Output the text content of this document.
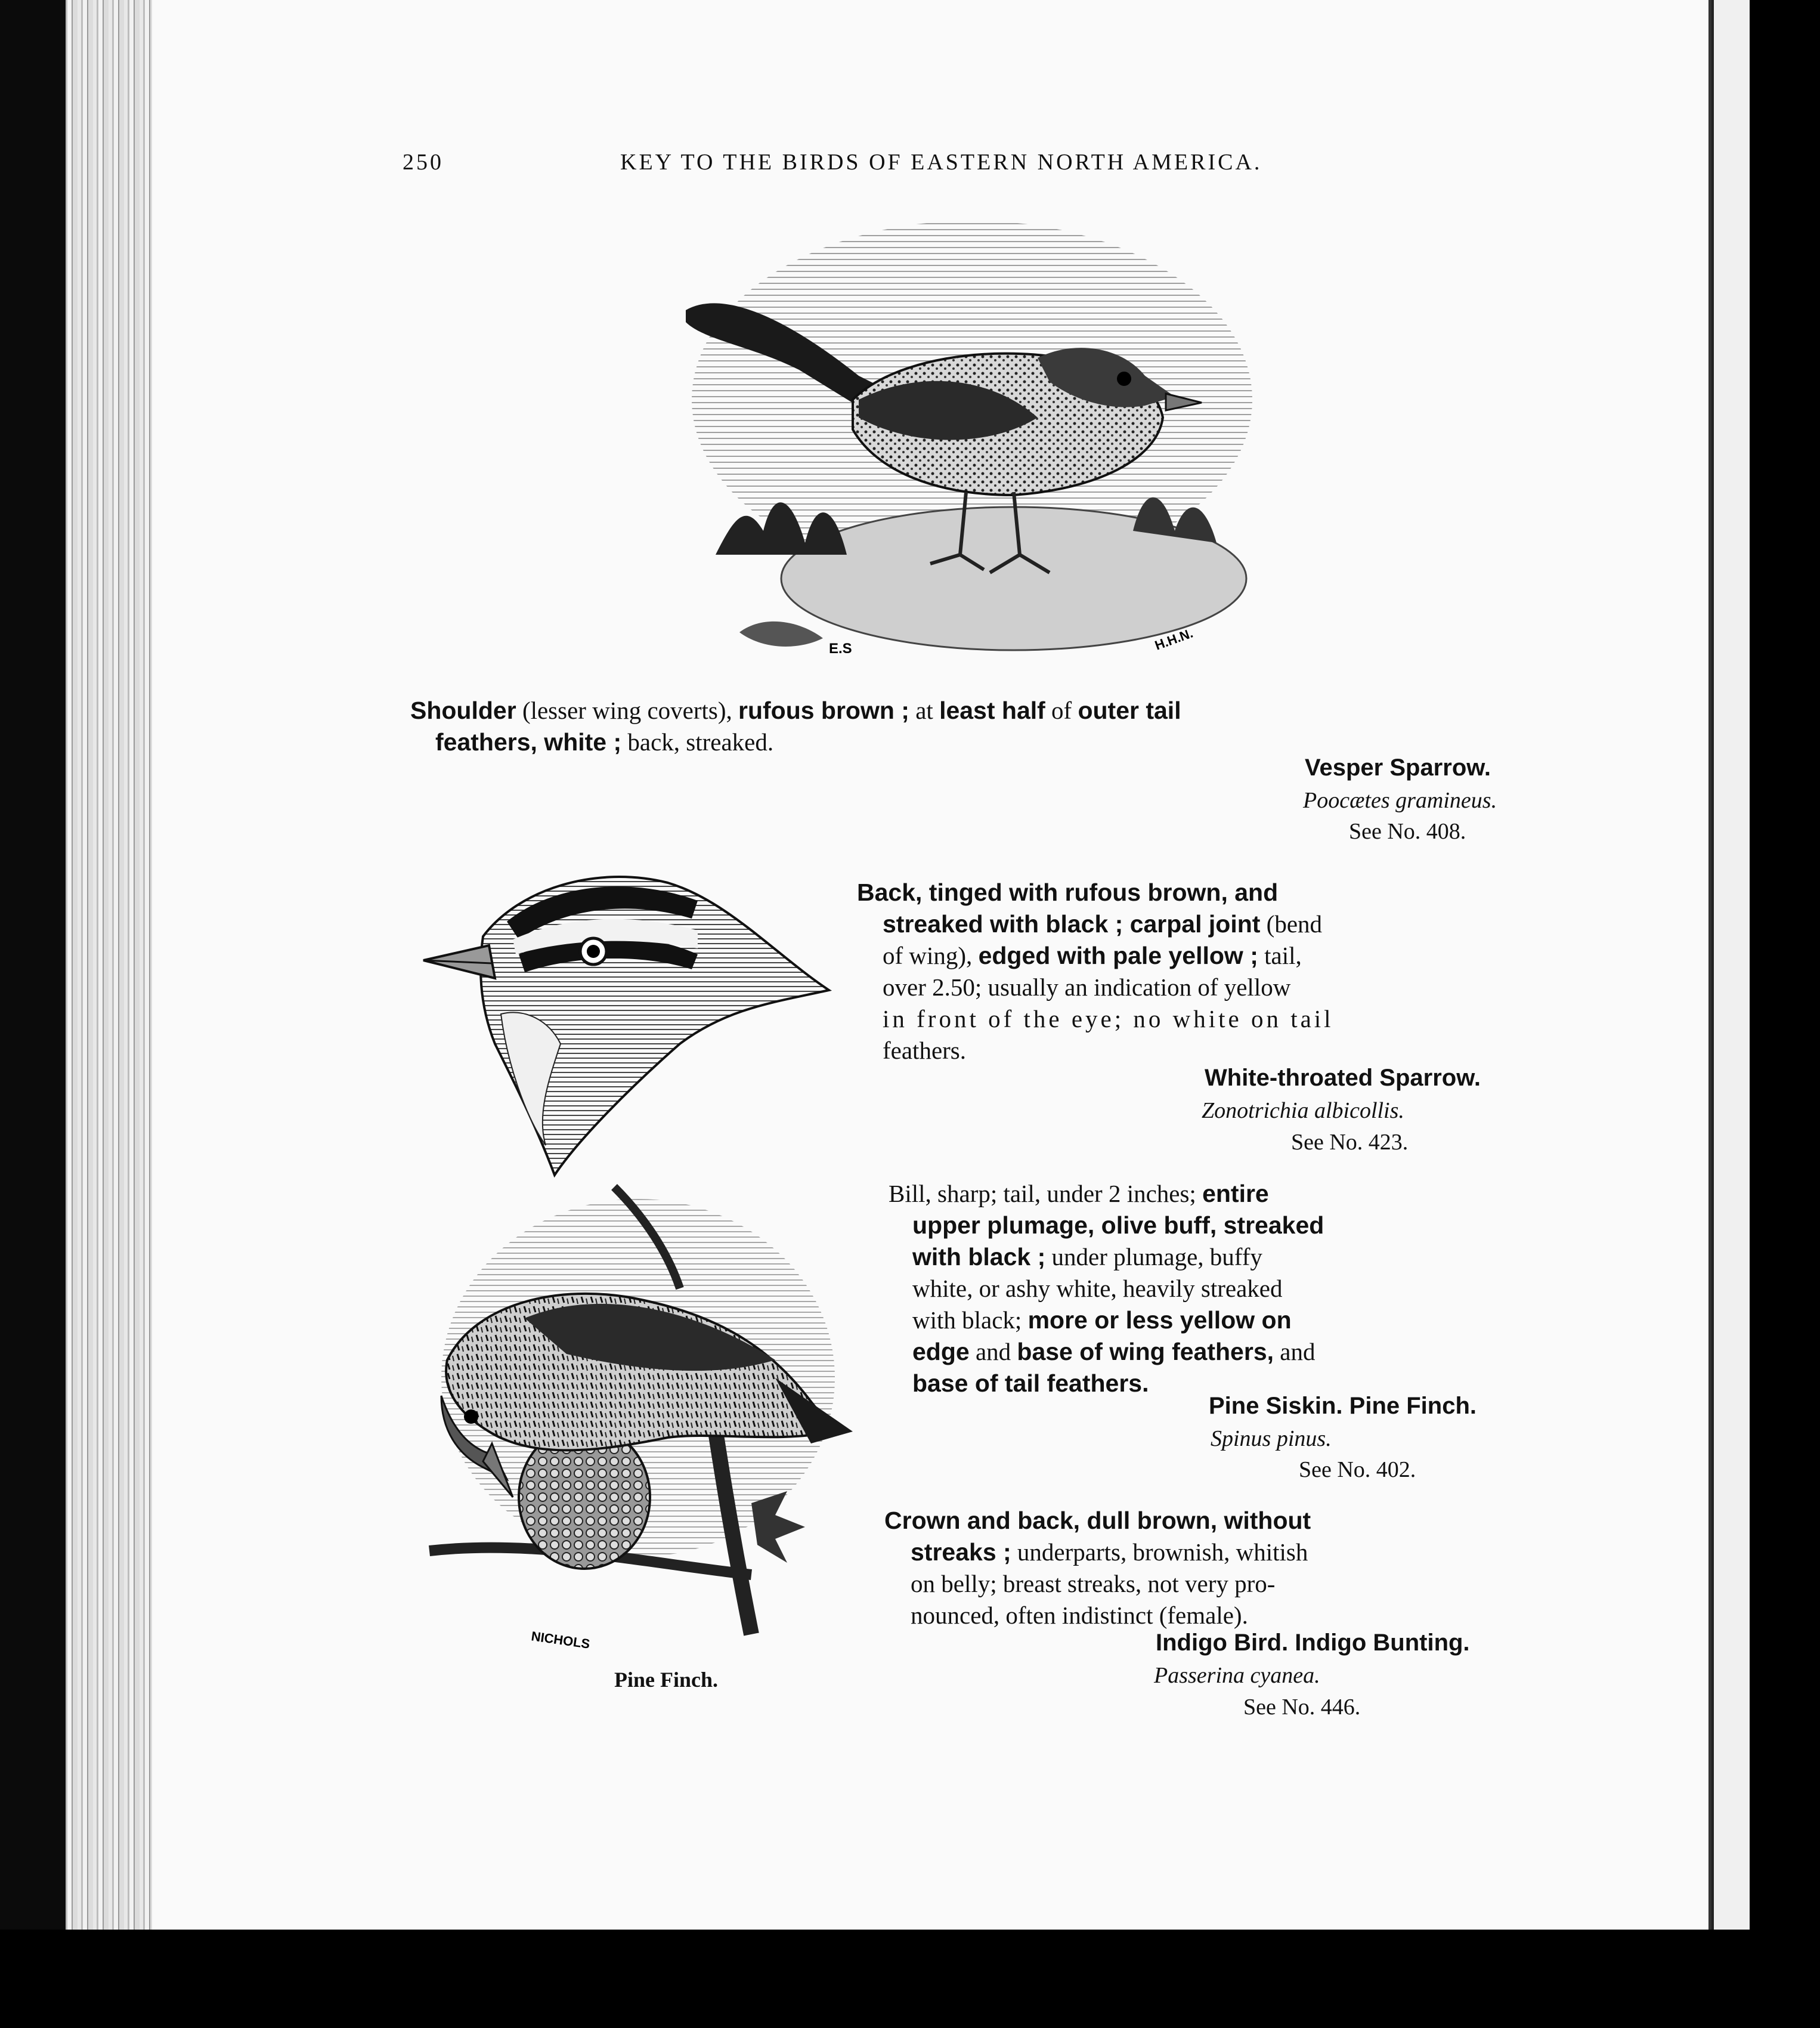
250	KEY TO THE BIRDS OF EASTERN NORTH AMERICA.
E.S	H.H.N.
NICHOLS
Pine Finch.
Shoulder (lesser wing coverts), rufous brown ; at least half of outer tail
feathers, white ; back, streaked.
Vesper Sparrow.
Poocætes gramineus.
See No. 408.
Back, tinged with rufous brown, and
streaked with black ; carpal joint (bend
of wing), edged with pale yellow ; tail,
over 2.50; usually an indication of yellow
in front of the eye; no white on tail
feathers.
White-throated Sparrow.
Zonotrichia albicollis.
See No. 423.
Bill, sharp; tail, under 2 inches; entire
upper plumage, olive buff, streaked
with black ; under plumage, buffy
white, or ashy white, heavily streaked
with black; more or less yellow on
edge and base of wing feathers, and
base of tail feathers.
Pine Siskin. Pine Finch.
Spinus pinus.
See No. 402.
Crown and back, dull brown, without
streaks ; underparts, brownish, whitish
on belly; breast streaks, not very pro-
nounced, often indistinct (female).
Indigo Bird. Indigo Bunting.
Passerina cyanea.
See No. 446.
